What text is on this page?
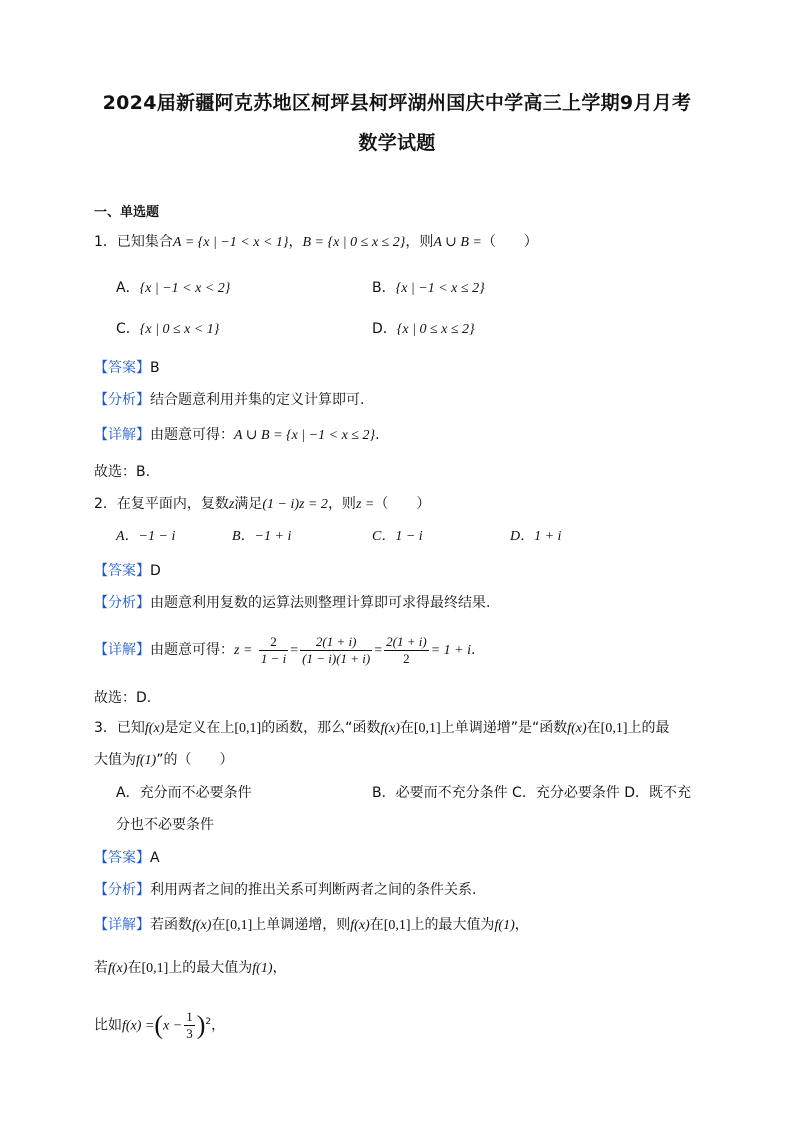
2024届新疆阿克苏地区柯坪县柯坪湖州国庆中学高三上学期9月月考
数学试题
一、单选题
1．已知集合A = {x | −1 < x < 1}，B = {x | 0 ≤ x ≤ 2}，则A ∪ B =（　　）
A．{x | −1 < x < 2}	B．{x | −1 < x ≤ 2}
C．{x | 0 ≤ x < 1}	D．{x | 0 ≤ x ≤ 2}
【答案】B
【分析】结合题意利用并集的定义计算即可.
【详解】由题意可得：A ∪ B = {x | −1 < x ≤ 2}.
故选：B.
2．在复平面内，复数z满足(1 − i)z = 2，则z =（　　）
A．−1 − i	B．−1 + i	C．1 − i	D．1 + i
【答案】D
【分析】由题意利用复数的运算法则整理计算即可求得最终结果.
【详解】由题意可得：$z = \frac{2}{1 - i} = \frac{2(1 + i)}{(1 - i)(1 + i)} = \frac{2(1 + i)}{2} = 1 + i$.
故选：D.
3．已知f(x)是定义在上[0,1]的函数，那么“函数f(x)在[0,1]上单调递增”是“函数f(x)在[0,1]上的最
大值为f(1)”的（　　）
A．充分而不必要条件	B．必要而不充分条件 C．充分必要条件 D．既不充
分也不必要条件
【答案】A
【分析】利用两者之间的推出关系可判断两者之间的条件关系.
【详解】若函数f(x)在[0,1]上单调递增，则f(x)在[0,1]上的最大值为f(1)，
若f(x)在[0,1]上的最大值为f(1)，
比如$f(x) =(x - \frac{1}{3} )^2$，
